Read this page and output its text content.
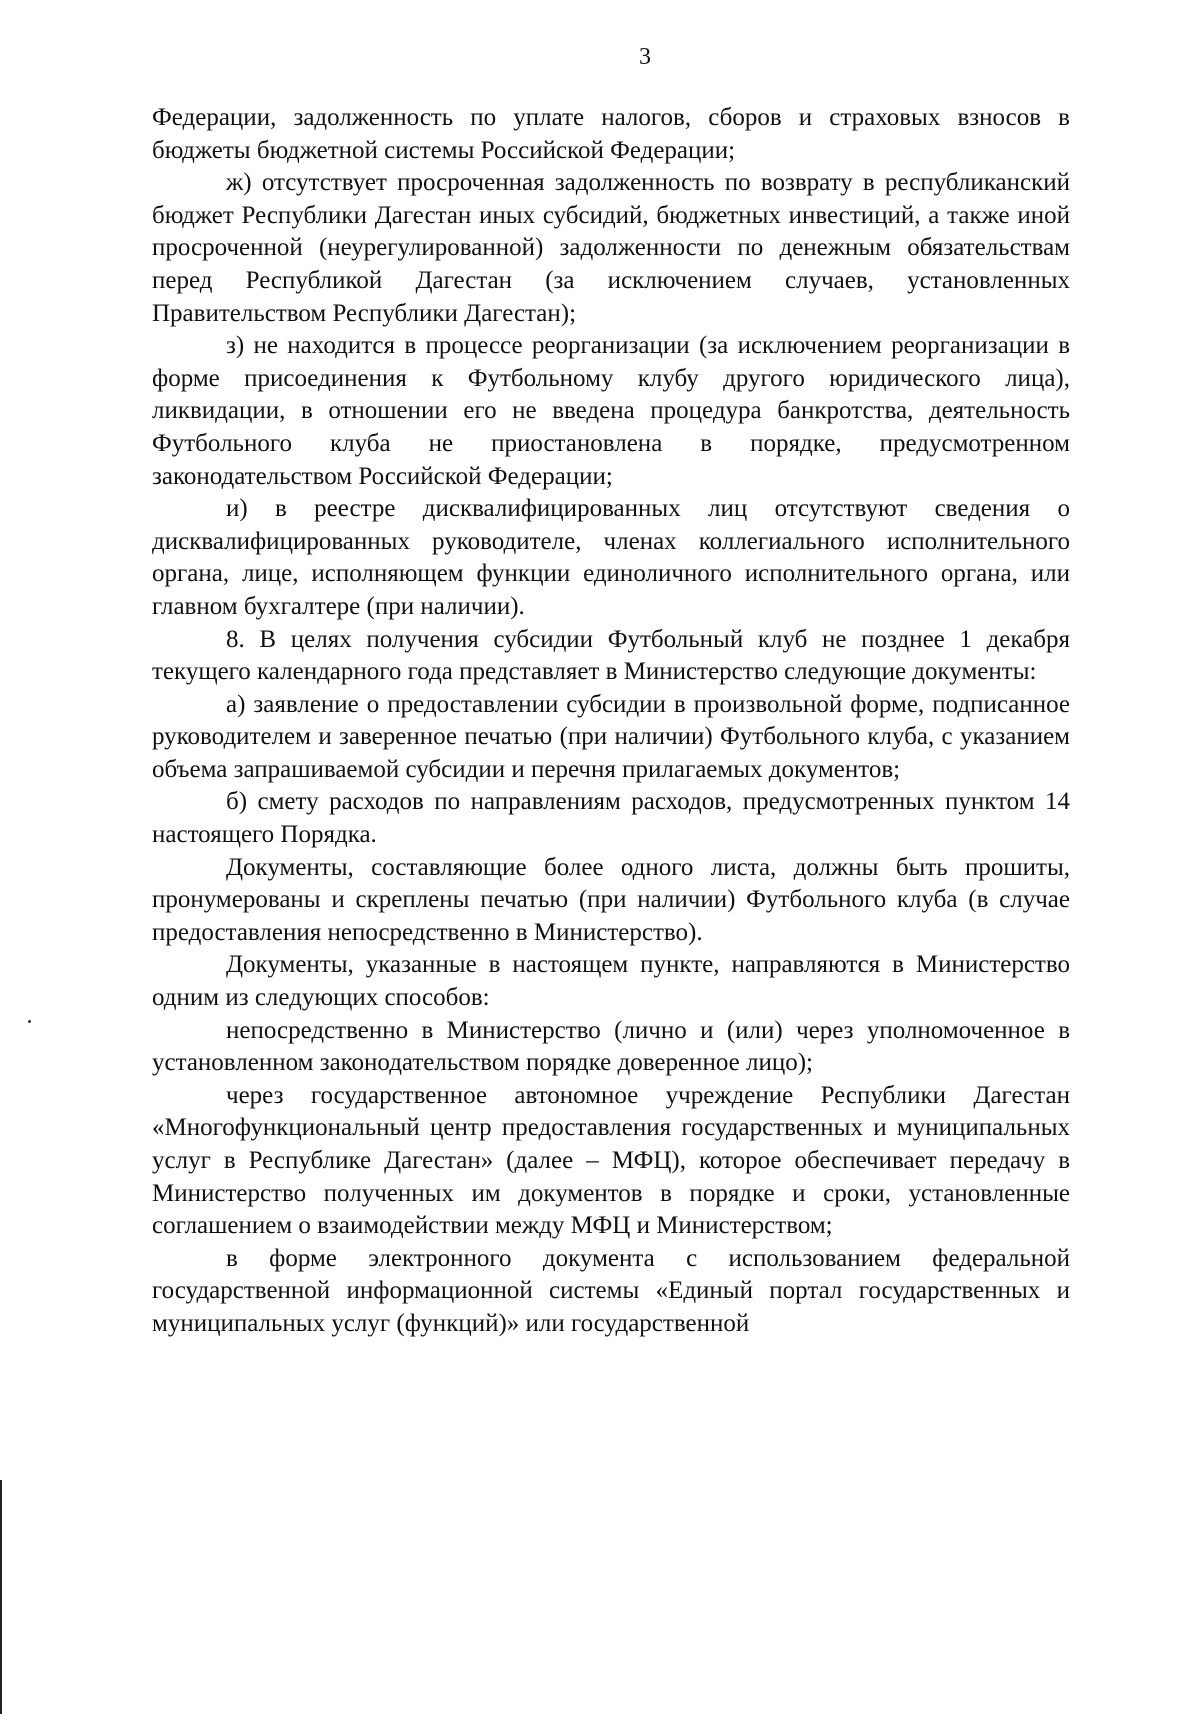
3

Федерации, задолженность по уплате налогов, сборов и страховых взносов в бюджеты бюджетной системы Российской Федерации;

ж) отсутствует просроченная задолженность по возврату в республиканский бюджет Республики Дагестан иных субсидий, бюджетных инвестиций, а также иной просроченной (неурегулированной) задолженности по денежным обязательствам перед Республикой Дагестан (за исключением случаев, установленных Правительством Республики Дагестан);

з) не находится в процессе реорганизации (за исключением реорганизации в форме присоединения к Футбольному клубу другого юридического лица), ликвидации, в отношении его не введена процедура банкротства, деятельность Футбольного клуба не приостановлена в порядке, предусмотренном законодательством Российской Федерации;

и) в реестре дисквалифицированных лиц отсутствуют сведения о дисквалифицированных руководителе, членах коллегиального исполнительного органа, лице, исполняющем функции единоличного исполнительного органа, или главном бухгалтере (при наличии).

8. В целях получения субсидии Футбольный клуб не позднее 1 декабря текущего календарного года представляет в Министерство следующие документы:

а) заявление о предоставлении субсидии в произвольной форме, подписанное руководителем и заверенное печатью (при наличии) Футбольного клуба, с указанием объема запрашиваемой субсидии и перечня прилагаемых документов;

б) смету расходов по направлениям расходов, предусмотренных пунктом 14 настоящего Порядка.

Документы, составляющие более одного листа, должны быть прошиты, пронумерованы и скреплены печатью (при наличии) Футбольного клуба (в случае предоставления непосредственно в Министерство).

Документы, указанные в настоящем пункте, направляются в Министерство одним из следующих способов:

непосредственно в Министерство (лично и (или) через уполномоченное в установленном законодательством порядке доверенное лицо);

через государственное автономное учреждение Республики Дагестан «Многофункциональный центр предоставления государственных и муниципальных услуг в Республике Дагестан» (далее – МФЦ), которое обеспечивает передачу в Министерство полученных им документов в порядке и сроки, установленные соглашением о взаимодействии между МФЦ и Министерством;

в форме электронного документа с использованием федеральной государственной информационной системы «Единый портал государственных и муниципальных услуг (функций)» или государственной
